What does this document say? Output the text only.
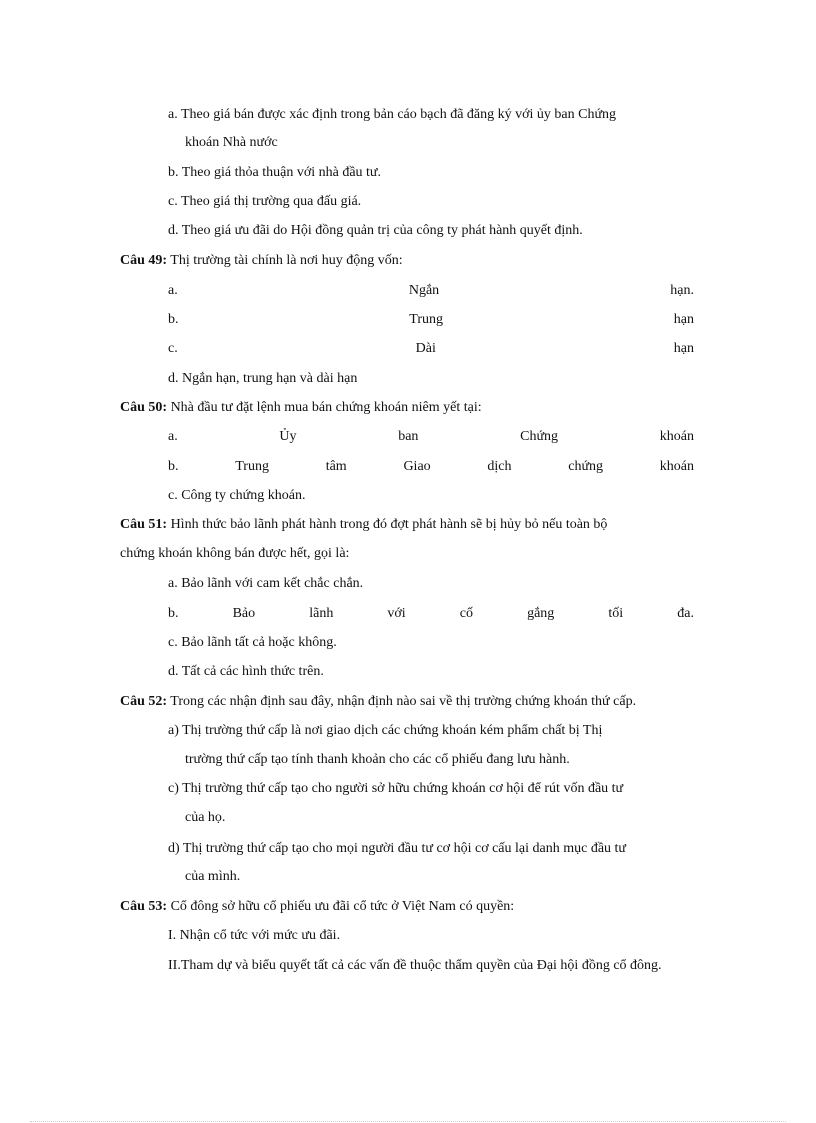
a. Theo giá bán được xác định trong bản cáo bạch đã đăng ký với ủy ban Chứng
khoán Nhà nước
b. Theo giá thỏa thuận với nhà đầu tư.
c. Theo giá thị trường qua đấu giá.
d. Theo giá ưu đãi do Hội đồng quản trị của công ty phát hành quyết định.
Câu 49: Thị trường tài chính là nơi huy động vốn:
a.	Ngắn	hạn.
b.	Trung	hạn
c.	Dài	hạn
d. Ngắn hạn, trung hạn và dài hạn
Câu 50: Nhà đầu tư đặt lệnh mua bán chứng khoán niêm yết tại:
a.	Ủy	ban	Chứng	khoán
b.	Trung	tâm	Giao	dịch	chứng	khoán
c. Công ty chứng khoán.
Câu 51: Hình thức bảo lãnh phát hành trong đó đợt phát hành sẽ bị hủy bỏ nếu toàn bộ
chứng khoán không bán được hết, gọi là:
a. Bảo lãnh với cam kết chắc chắn.
b.	Bảo	lãnh	với	cố	gắng	tối	đa.
c. Bảo lãnh tất cả hoặc không.
d. Tất cả các hình thức trên.
Câu 52: Trong các nhận định sau đây, nhận định nào sai về thị trường chứng khoán thứ cấp.
a) Thị trường thứ cấp là nơi giao dịch các chứng khoán kém phẩm chất bị Thị
trường thứ cấp tạo tính thanh khoản cho các cổ phiếu đang lưu hành.
c) Thị trường thứ cấp tạo cho người sở hữu chứng khoán cơ hội để rút vốn đầu tư
của họ.
d) Thị trường thứ cấp tạo cho mọi người đầu tư cơ hội cơ cấu lại danh mục đầu tư
của mình.
Câu 53: Cổ đông sở hữu cổ phiếu ưu đãi cổ tức ở Việt Nam có quyền:
I. Nhận cổ tức với mức ưu đãi.
II.Tham dự và biểu quyết tất cả các vấn đề thuộc thẩm quyền của Đại hội đồng cổ đông.
